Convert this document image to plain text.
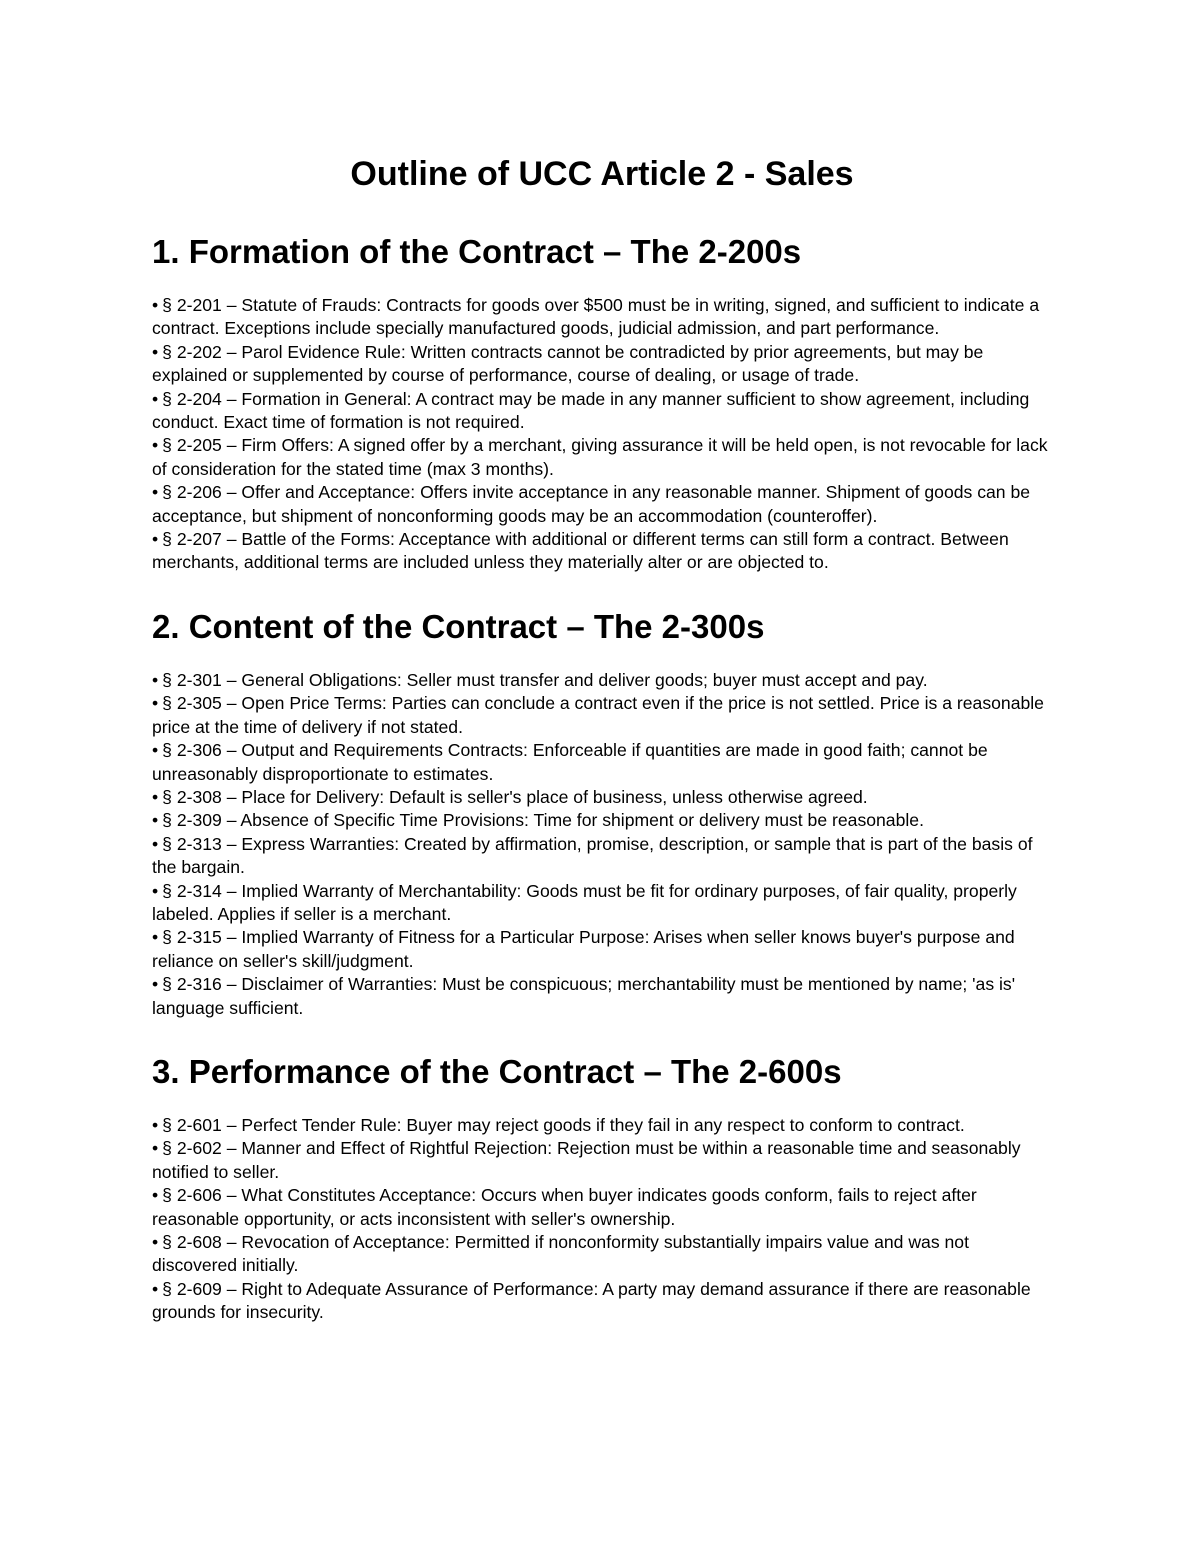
Outline of UCC Article 2 - Sales
1. Formation of the Contract – The 2-200s
• § 2-201 – Statute of Frauds: Contracts for goods over $500 must be in writing, signed, and sufficient to indicate a contract. Exceptions include specially manufactured goods, judicial admission, and part performance.
• § 2-202 – Parol Evidence Rule: Written contracts cannot be contradicted by prior agreements, but may be explained or supplemented by course of performance, course of dealing, or usage of trade.
• § 2-204 – Formation in General: A contract may be made in any manner sufficient to show agreement, including conduct. Exact time of formation is not required.
• § 2-205 – Firm Offers: A signed offer by a merchant, giving assurance it will be held open, is not revocable for lack of consideration for the stated time (max 3 months).
• § 2-206 – Offer and Acceptance: Offers invite acceptance in any reasonable manner. Shipment of goods can be acceptance, but shipment of nonconforming goods may be an accommodation (counteroffer).
• § 2-207 – Battle of the Forms: Acceptance with additional or different terms can still form a contract. Between merchants, additional terms are included unless they materially alter or are objected to.
2. Content of the Contract – The 2-300s
• § 2-301 – General Obligations: Seller must transfer and deliver goods; buyer must accept and pay.
• § 2-305 – Open Price Terms: Parties can conclude a contract even if the price is not settled. Price is a reasonable price at the time of delivery if not stated.
• § 2-306 – Output and Requirements Contracts: Enforceable if quantities are made in good faith; cannot be unreasonably disproportionate to estimates.
• § 2-308 – Place for Delivery: Default is seller's place of business, unless otherwise agreed.
• § 2-309 – Absence of Specific Time Provisions: Time for shipment or delivery must be reasonable.
• § 2-313 – Express Warranties: Created by affirmation, promise, description, or sample that is part of the basis of the bargain.
• § 2-314 – Implied Warranty of Merchantability: Goods must be fit for ordinary purposes, of fair quality, properly labeled. Applies if seller is a merchant.
• § 2-315 – Implied Warranty of Fitness for a Particular Purpose: Arises when seller knows buyer's purpose and reliance on seller's skill/judgment.
• § 2-316 – Disclaimer of Warranties: Must be conspicuous; merchantability must be mentioned by name; 'as is' language sufficient.
3. Performance of the Contract – The 2-600s
• § 2-601 – Perfect Tender Rule: Buyer may reject goods if they fail in any respect to conform to contract.
• § 2-602 – Manner and Effect of Rightful Rejection: Rejection must be within a reasonable time and seasonably notified to seller.
• § 2-606 – What Constitutes Acceptance: Occurs when buyer indicates goods conform, fails to reject after reasonable opportunity, or acts inconsistent with seller's ownership.
• § 2-608 – Revocation of Acceptance: Permitted if nonconformity substantially impairs value and was not discovered initially.
• § 2-609 – Right to Adequate Assurance of Performance: A party may demand assurance if there are reasonable grounds for insecurity.
